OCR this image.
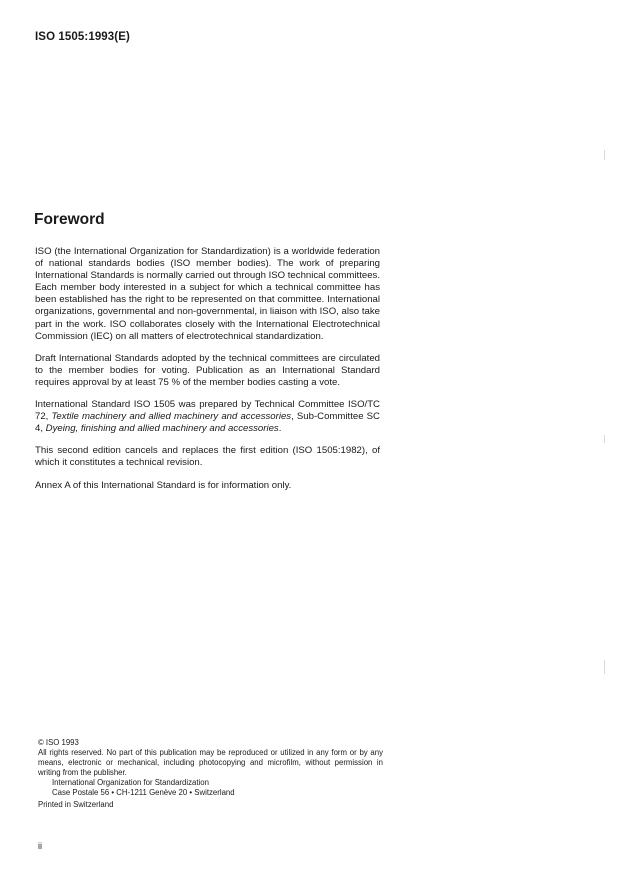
ISO 1505:1993(E)
Foreword

ISO (the International Organization for Standardization) is a worldwide federation of national standards bodies (ISO member bodies). The work of preparing International Standards is normally carried out through ISO technical committees. Each member body interested in a subject for which a technical committee has been established has the right to be represented on that committee. International organizations, governmental and non-governmental, in liaison with ISO, also take part in the work. ISO collaborates closely with the International Electrotechnical Commission (IEC) on all matters of electrotechnical standardization.

Draft International Standards adopted by the technical committees are circulated to the member bodies for voting. Publication as an International Standard requires approval by at least 75 % of the member bodies casting a vote.

International Standard ISO 1505 was prepared by Technical Committee ISO/TC 72, Textile machinery and allied machinery and accessories, Sub-Committee SC 4, Dyeing, finishing and allied machinery and accessories.

This second edition cancels and replaces the first edition (ISO 1505:1982), of which it constitutes a technical revision.

Annex A of this International Standard is for information only.

© ISO 1993

All rights reserved. No part of this publication may be reproduced or utilized in any form or by any means, electronic or mechanical, including photocopying and microfilm, without permission in writing from the publisher.

International Organization for Standardization

Case Postale 56 • CH-1211 Genève 20 • Switzerland

Printed in Switzerland

ii
